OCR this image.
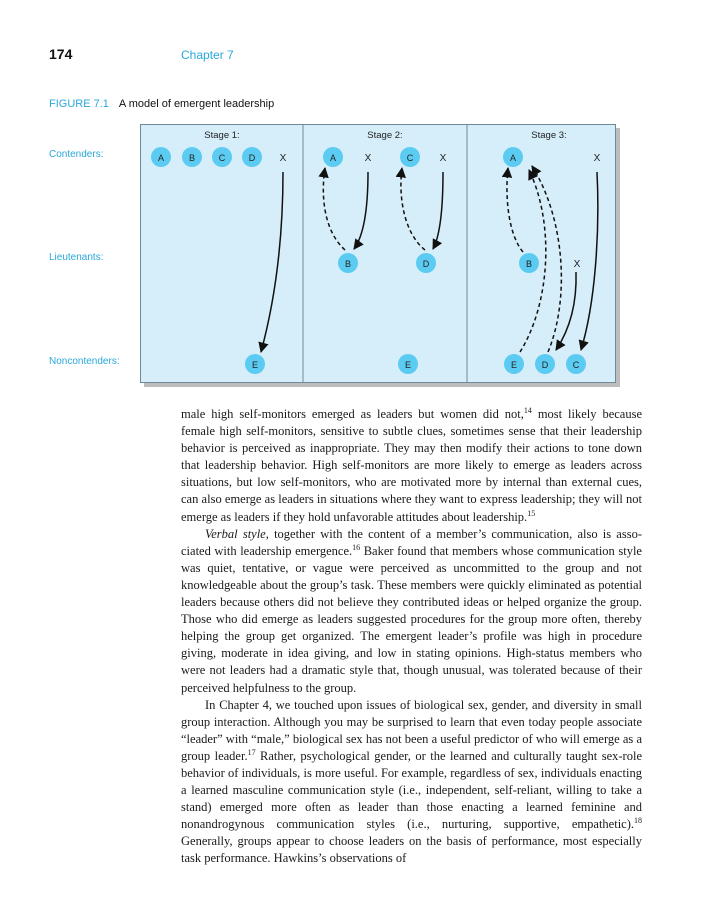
174	Chapter 7
FIGURE 7.1 A model of emergent leadership
Contenders:
Lieutenants:
Noncontenders:
Stage 1:	Stage 2:	Stage 3:
A	B	C	D X
E
A	X	C	X
B	D
E
A	X
B	X
E	D	C

male high self-monitors emerged as leaders but women did not,$^{14}$ most likely because female high self-monitors, sensitive to subtle clues, sometimes sense that their leadership behavior is perceived as inappropriate. They may then modify their actions to tone down that leadership behavior. High self-monitors are more likely to emerge as leaders across situations, but low self-monitors, who are motivated more by internal than external cues, can also emerge as leaders in situations where they want to express leadership; they will not emerge as leaders if they hold unfavorable attitudes about leadership.$^{15}$

Verbal style, together with the content of a member’s communication, also is associated with leadership emergence.$^{16}$ Baker found that members whose communication style was quiet, tentative, or vague were perceived as uncommitted to the group and not knowledgeable about the group’s task. These members were quickly eliminated as potential leaders because others did not believe they contributed ideas or helped organize the group. Those who did emerge as leaders suggested procedures for the group more often, thereby helping the group get organized. The emergent leader’s profile was high in procedure giving, moderate in idea giving, and low in stating opinions. High-status members who were not leaders had a dramatic style that, though unusual, was tolerated because of their perceived helpfulness to the group.

In Chapter 4, we touched upon issues of biological sex, gender, and diversity in small group interaction. Although you may be surprised to learn that even today people associate “leader” with “male,” biological sex has not been a useful predictor of who will emerge as a group leader.$^{17}$ Rather, psychological gender, or the learned and culturally taught sex-role behavior of individuals, is more useful. For example, regardless of sex, individuals enacting a learned masculine communication style (i.e., independent, self-reliant, willing to take a stand) emerged more often as leader than those enacting a learned feminine and nonandrogynous communication styles (i.e., nurturing, supportive, empathetic).$^{18}$ Generally, groups appear to choose leaders on the basis of performance, most especially task performance. Hawkins’s observations of
